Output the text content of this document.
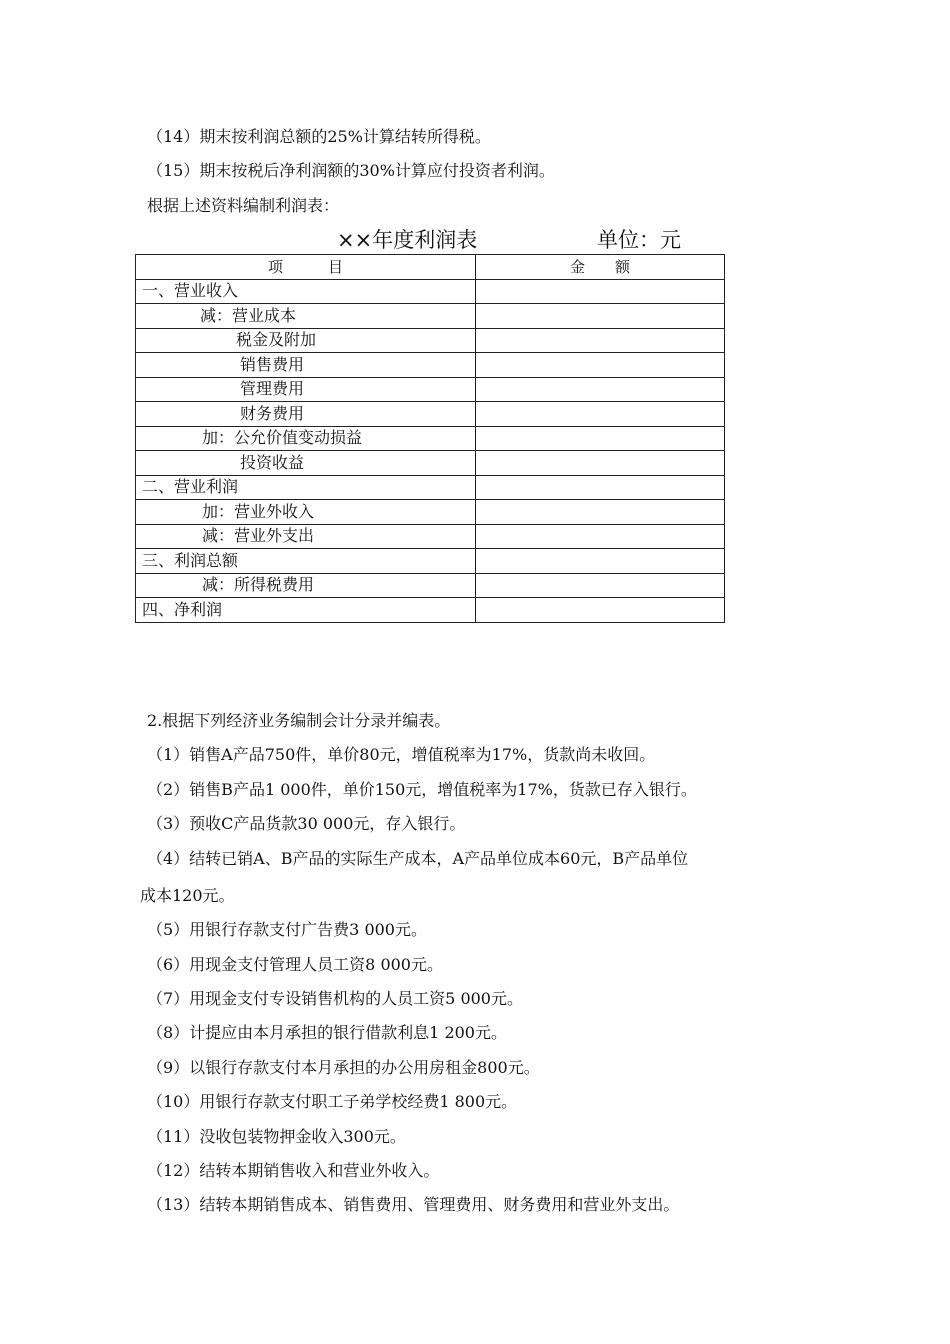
（14）期末按利润总额的25%计算结转所得税。
（15）期末按税后净利润额的30%计算应付投资者利润。
根据上述资料编制利润表：
××年度利润表	单位：元
项　　　目	金　　额
一、营业收入	
减：营业成本	
税金及附加	
销售费用	
管理费用	
财务费用	
加：公允价值变动损益	
投资收益	
二、营业利润	
加：营业外收入	
减：营业外支出	
三、利润总额	
减：所得税费用	
四、净利润	
2.根据下列经济业务编制会计分录并编表。
（1）销售A产品750件，单价80元，增值税率为17%，货款尚未收回。
（2）销售B产品1 000件，单价150元，增值税率为17%，货款已存入银行。
（3）预收C产品货款30 000元，存入银行。
（4）结转已销A、B产品的实际生产成本，A产品单位成本60元，B产品单位
成本120元。
（5）用银行存款支付广告费3 000元。
（6）用现金支付管理人员工资8 000元。
（7）用现金支付专设销售机构的人员工资5 000元。
（8）计提应由本月承担的银行借款利息1 200元。
（9）以银行存款支付本月承担的办公用房租金800元。
（10）用银行存款支付职工子弟学校经费1 800元。
（11）没收包装物押金收入300元。
（12）结转本期销售收入和营业外收入。
（13）结转本期销售成本、销售费用、管理费用、财务费用和营业外支出。
